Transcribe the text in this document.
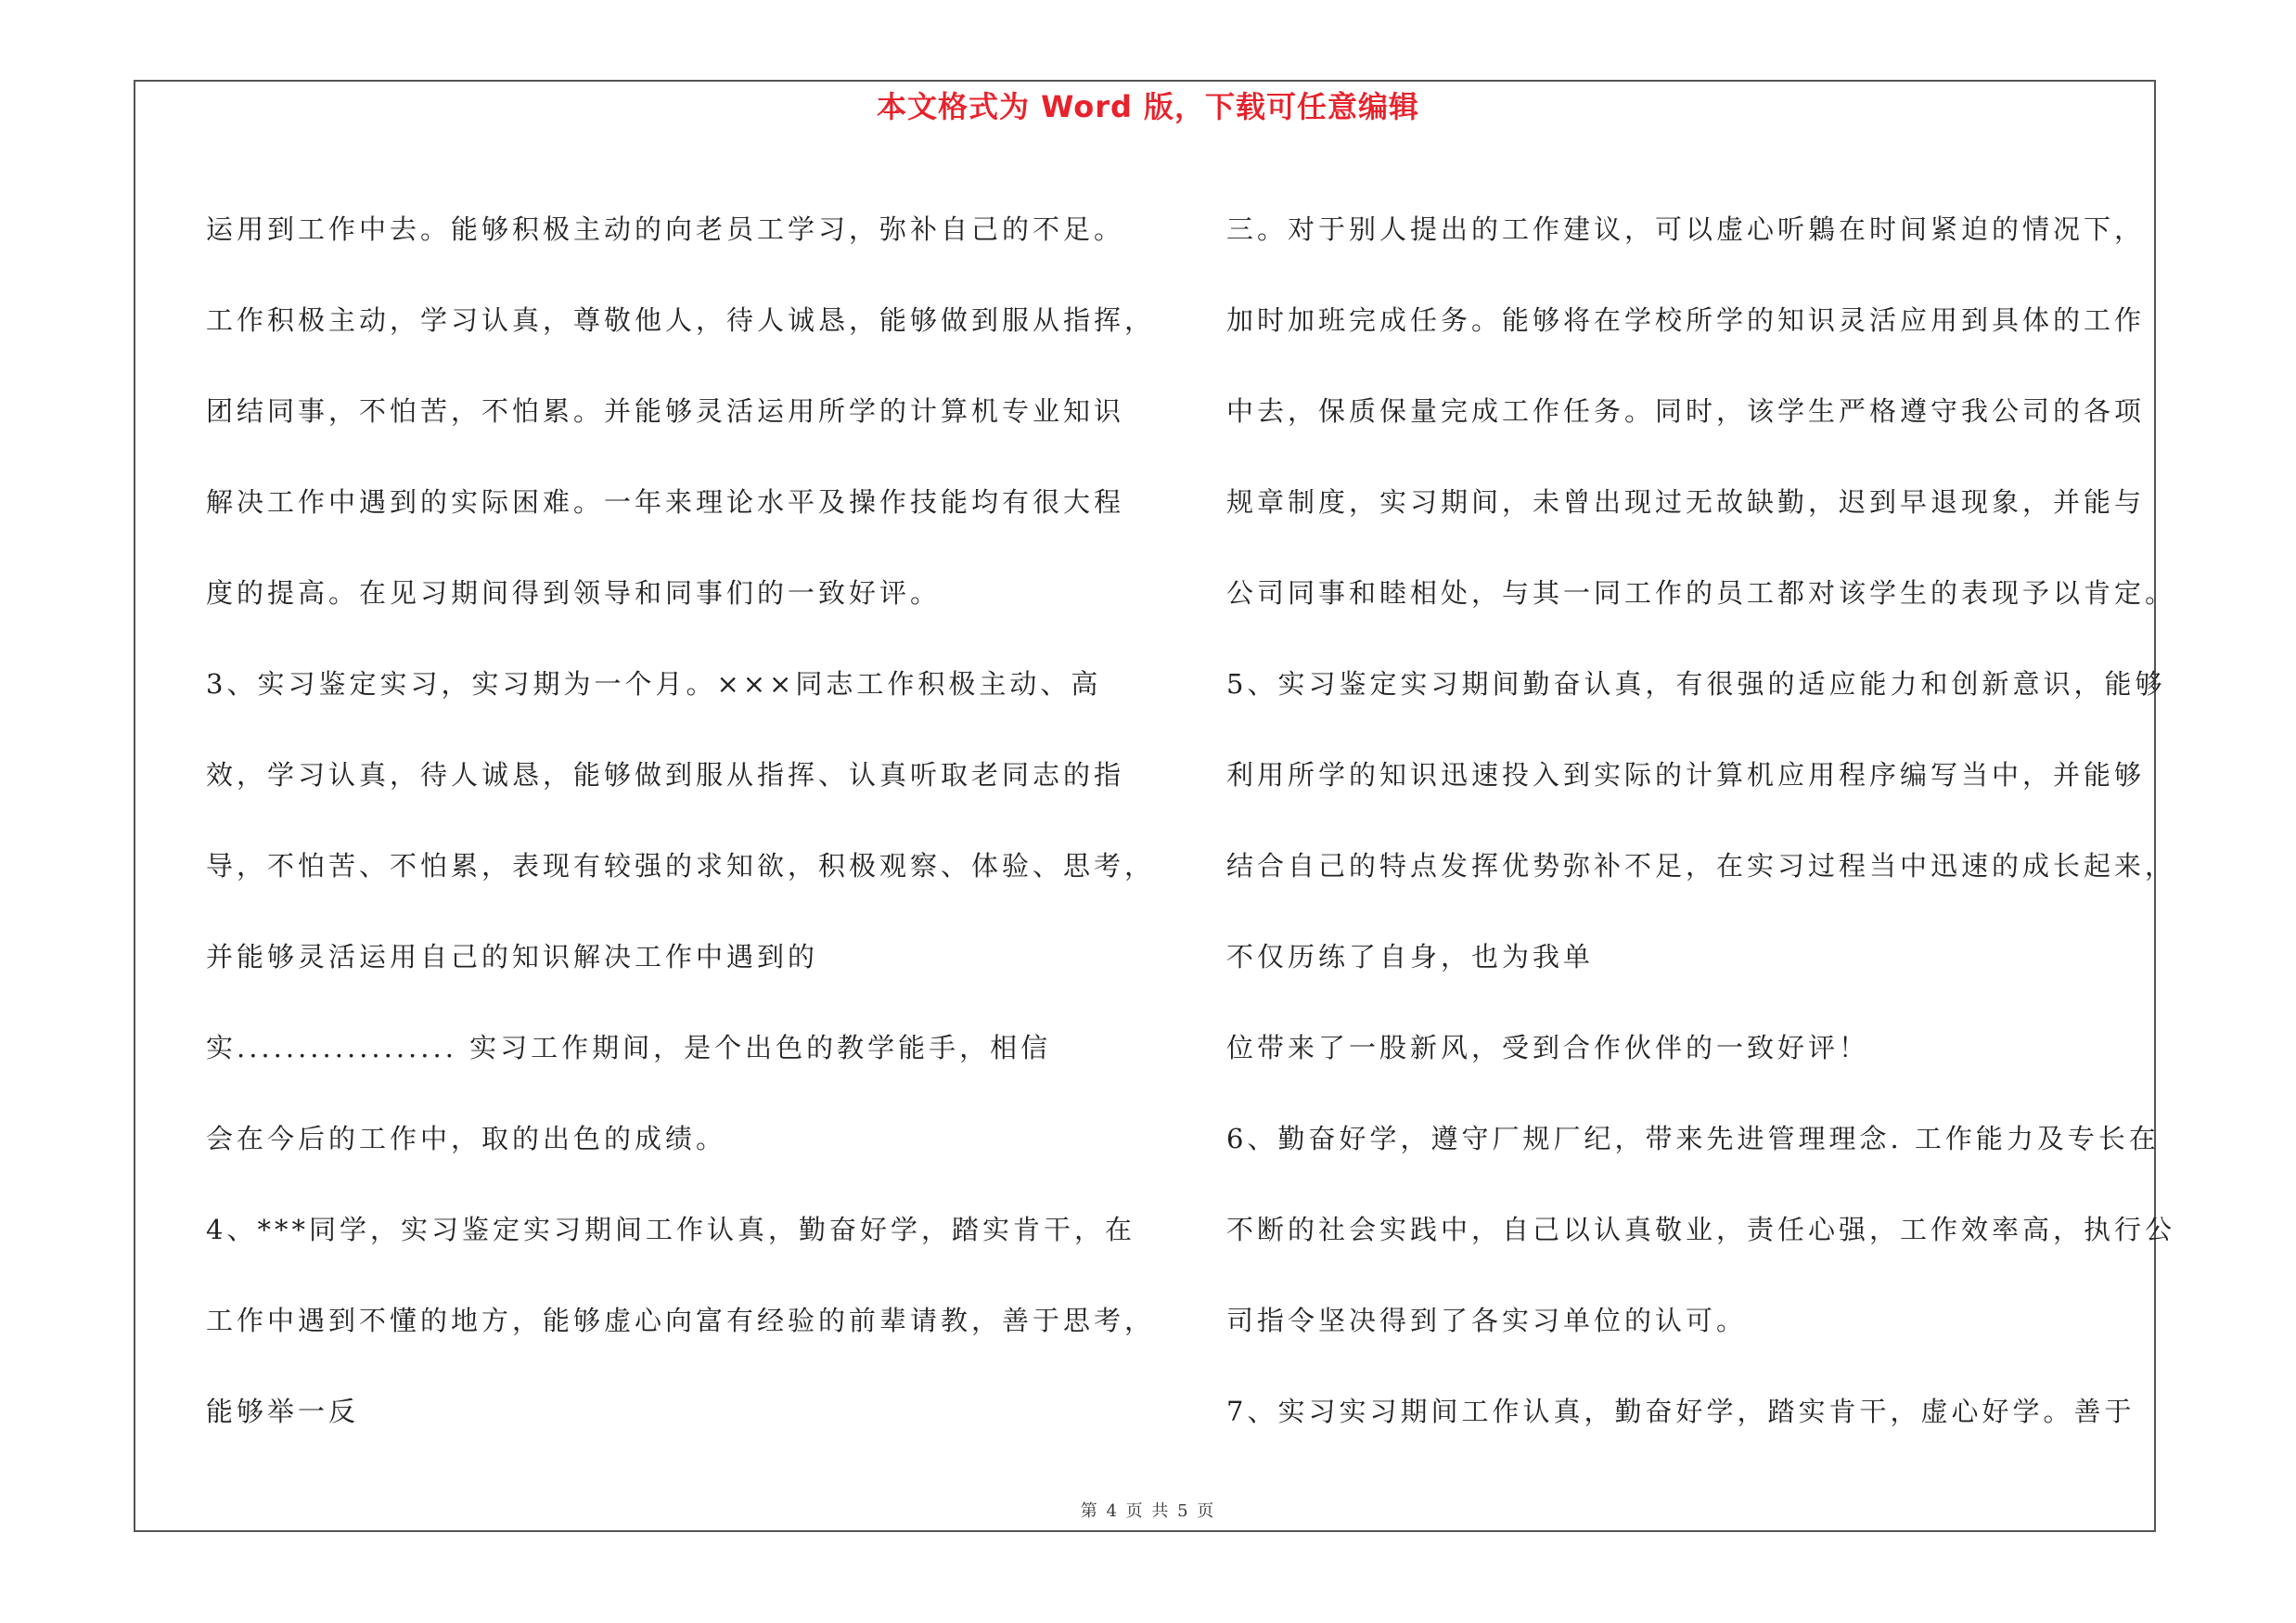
本文格式为 Word 版，下载可任意编辑
运用到工作中去。能够积极主动的向老员工学习，弥补自己的不足。
工作积极主动，学习认真，尊敬他人，待人诚恳，能够做到服从指挥，
团结同事，不怕苦，不怕累。并能够灵活运用所学的计算机专业知识
解决工作中遇到的实际困难。一年来理论水平及操作技能均有很大程
度的提高。在见习期间得到领导和同事们的一致好评。
3、实习鉴定实习，实习期为一个月。×××同志工作积极主动、高
效，学习认真，待人诚恳，能够做到服从指挥、认真听取老同志的指
导，不怕苦、不怕累，表现有较强的求知欲，积极观察、体验、思考，
并能够灵活运用自己的知识解决工作中遇到的
实.................. 实习工作期间，是个出色的教学能手，相信
会在今后的工作中，取的出色的成绩。
4、***同学，实习鉴定实习期间工作认真，勤奋好学，踏实肯干，在
工作中遇到不懂的地方，能够虚心向富有经验的前辈请教，善于思考，
能够举一反
三。对于别人提出的工作建议，可以虚心听鷍在时间紧迫的情况下，
加时加班完成任务。能够将在学校所学的知识灵活应用到具体的工作
中去，保质保量完成工作任务。同时，该学生严格遵守我公司的各项
规章制度，实习期间，未曾出现过无故缺勤，迟到早退现象，并能与
公司同事和睦相处，与其一同工作的员工都对该学生的表现予以肯定。
5、实习鉴定实习期间勤奋认真，有很强的适应能力和创新意识，能够
利用所学的知识迅速投入到实际的计算机应用程序编写当中，并能够
结合自己的特点发挥优势弥补不足，在实习过程当中迅速的成长起来，
不仅历练了自身，也为我单
位带来了一股新风，受到合作伙伴的一致好评！
6、勤奋好学，遵守厂规厂纪，带来先进管理理念. 工作能力及专长在
不断的社会实践中，自己以认真敬业，责任心强，工作效率高，执行公
司指令坚决得到了各实习单位的认可。
7、实习实习期间工作认真，勤奋好学，踏实肯干，虚心好学。善于
第 4 页 共 5 页
